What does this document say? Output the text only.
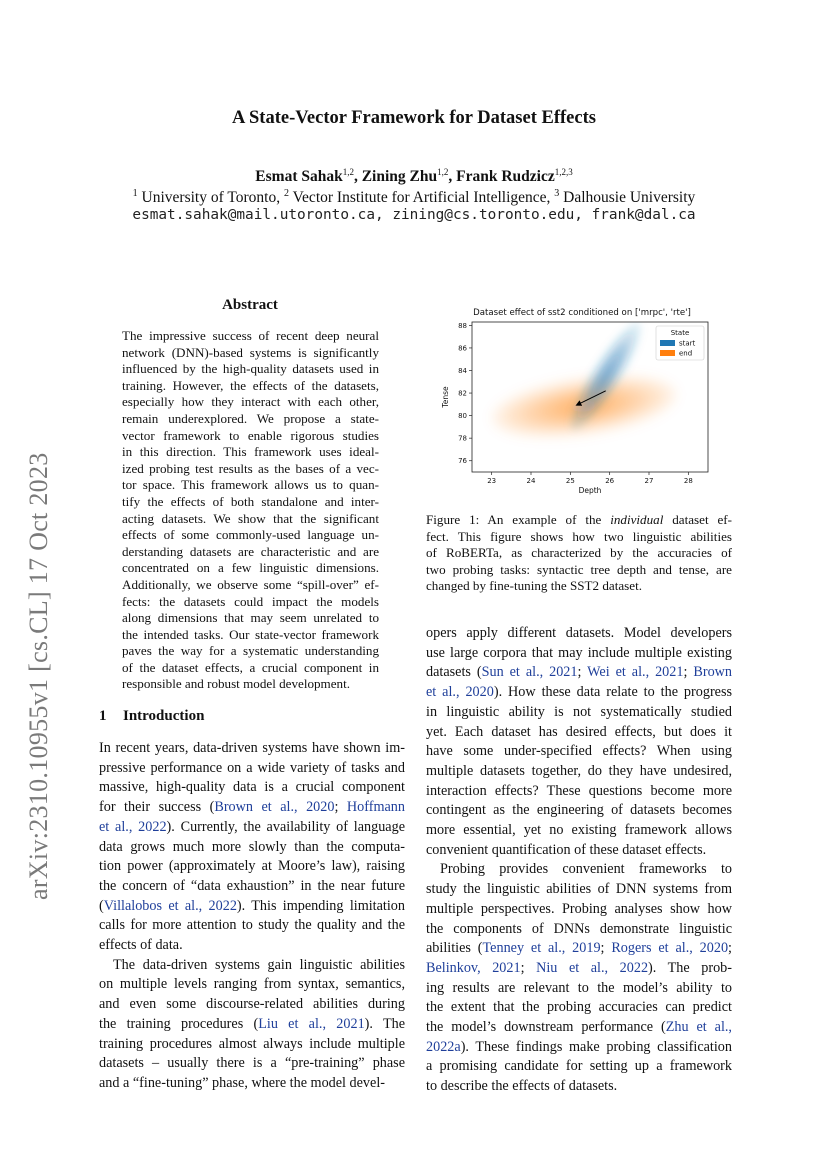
A State-Vector Framework for Dataset Effects
Esmat Sahak$^{1,2}$, Zining Zhu$^{1,2}$, Frank Rudzicz$^{1,2,3}$
$^1$ University of Toronto, $^2$ Vector Institute for Artificial Intelligence, $^3$ Dalhousie University
esmat.sahak@mail.utoronto.ca, zining@cs.toronto.edu, frank@dal.ca
arXiv:2310.10955v1 [cs.CL] 17 Oct 2023
Abstract
The impressive success of recent deep neural
network (DNN)-based systems is significantly
influenced by the high-quality datasets used in
training. However, the effects of the datasets,
especially how they interact with each other,
remain underexplored. We propose a state-
vector framework to enable rigorous studies
in this direction. This framework uses ideal-
ized probing test results as the bases of a vec-
tor space. This framework allows us to quan-
tify the effects of both standalone and inter-
acting datasets. We show that the significant
effects of some commonly-used language un-
derstanding datasets are characteristic and are
concentrated on a few linguistic dimensions.
Additionally, we observe some “spill-over” ef-
fects: the datasets could impact the models
along dimensions that may seem unrelated to
the intended tasks. Our state-vector framework
paves the way for a systematic understanding
of the dataset effects, a crucial component in
responsible and robust model development.
1 Introduction
In recent years, data-driven systems have shown im-
pressive performance on a wide variety of tasks and
massive, high-quality data is a crucial component
for their success (Brown et al., 2020; Hoffmann
et al., 2022). Currently, the availability of language
data grows much more slowly than the computa-
tion power (approximately at Moore’s law), raising
the concern of “data exhaustion” in the near future
(Villalobos et al., 2022). This impending limitation
calls for more attention to study the quality and the
effects of data.
The data-driven systems gain linguistic abilities
on multiple levels ranging from syntax, semantics,
and even some discourse-related abilities during
the training procedures (Liu et al., 2021). The
training procedures almost always include multiple
datasets – usually there is a “pre-training” phase
and a “fine-tuning” phase, where the model devel-
Dataset effect of sst2 conditioned on ['mrpc', 'rte']
23	24	25	26	27	28
76
78
80
82
84
86
88
Depth
Tense
State
start
end
Figure 1: An example of the individual dataset ef-
fect. This figure shows how two linguistic abilities
of RoBERTa, as characterized by the accuracies of
two probing tasks: syntactic tree depth and tense, are
changed by fine-tuning the SST2 dataset.
opers apply different datasets. Model developers
use large corpora that may include multiple existing
datasets (Sun et al., 2021; Wei et al., 2021; Brown
et al., 2020). How these data relate to the progress
in linguistic ability is not systematically studied
yet. Each dataset has desired effects, but does it
have some under-specified effects? When using
multiple datasets together, do they have undesired,
interaction effects? These questions become more
contingent as the engineering of datasets becomes
more essential, yet no existing framework allows
convenient quantification of these dataset effects.
Probing provides convenient frameworks to
study the linguistic abilities of DNN systems from
multiple perspectives. Probing analyses show how
the components of DNNs demonstrate linguistic
abilities (Tenney et al., 2019; Rogers et al., 2020;
Belinkov, 2021; Niu et al., 2022). The prob-
ing results are relevant to the model’s ability to
the extent that the probing accuracies can predict
the model’s downstream performance (Zhu et al.,
2022a). These findings make probing classification
a promising candidate for setting up a framework
to describe the effects of datasets.
